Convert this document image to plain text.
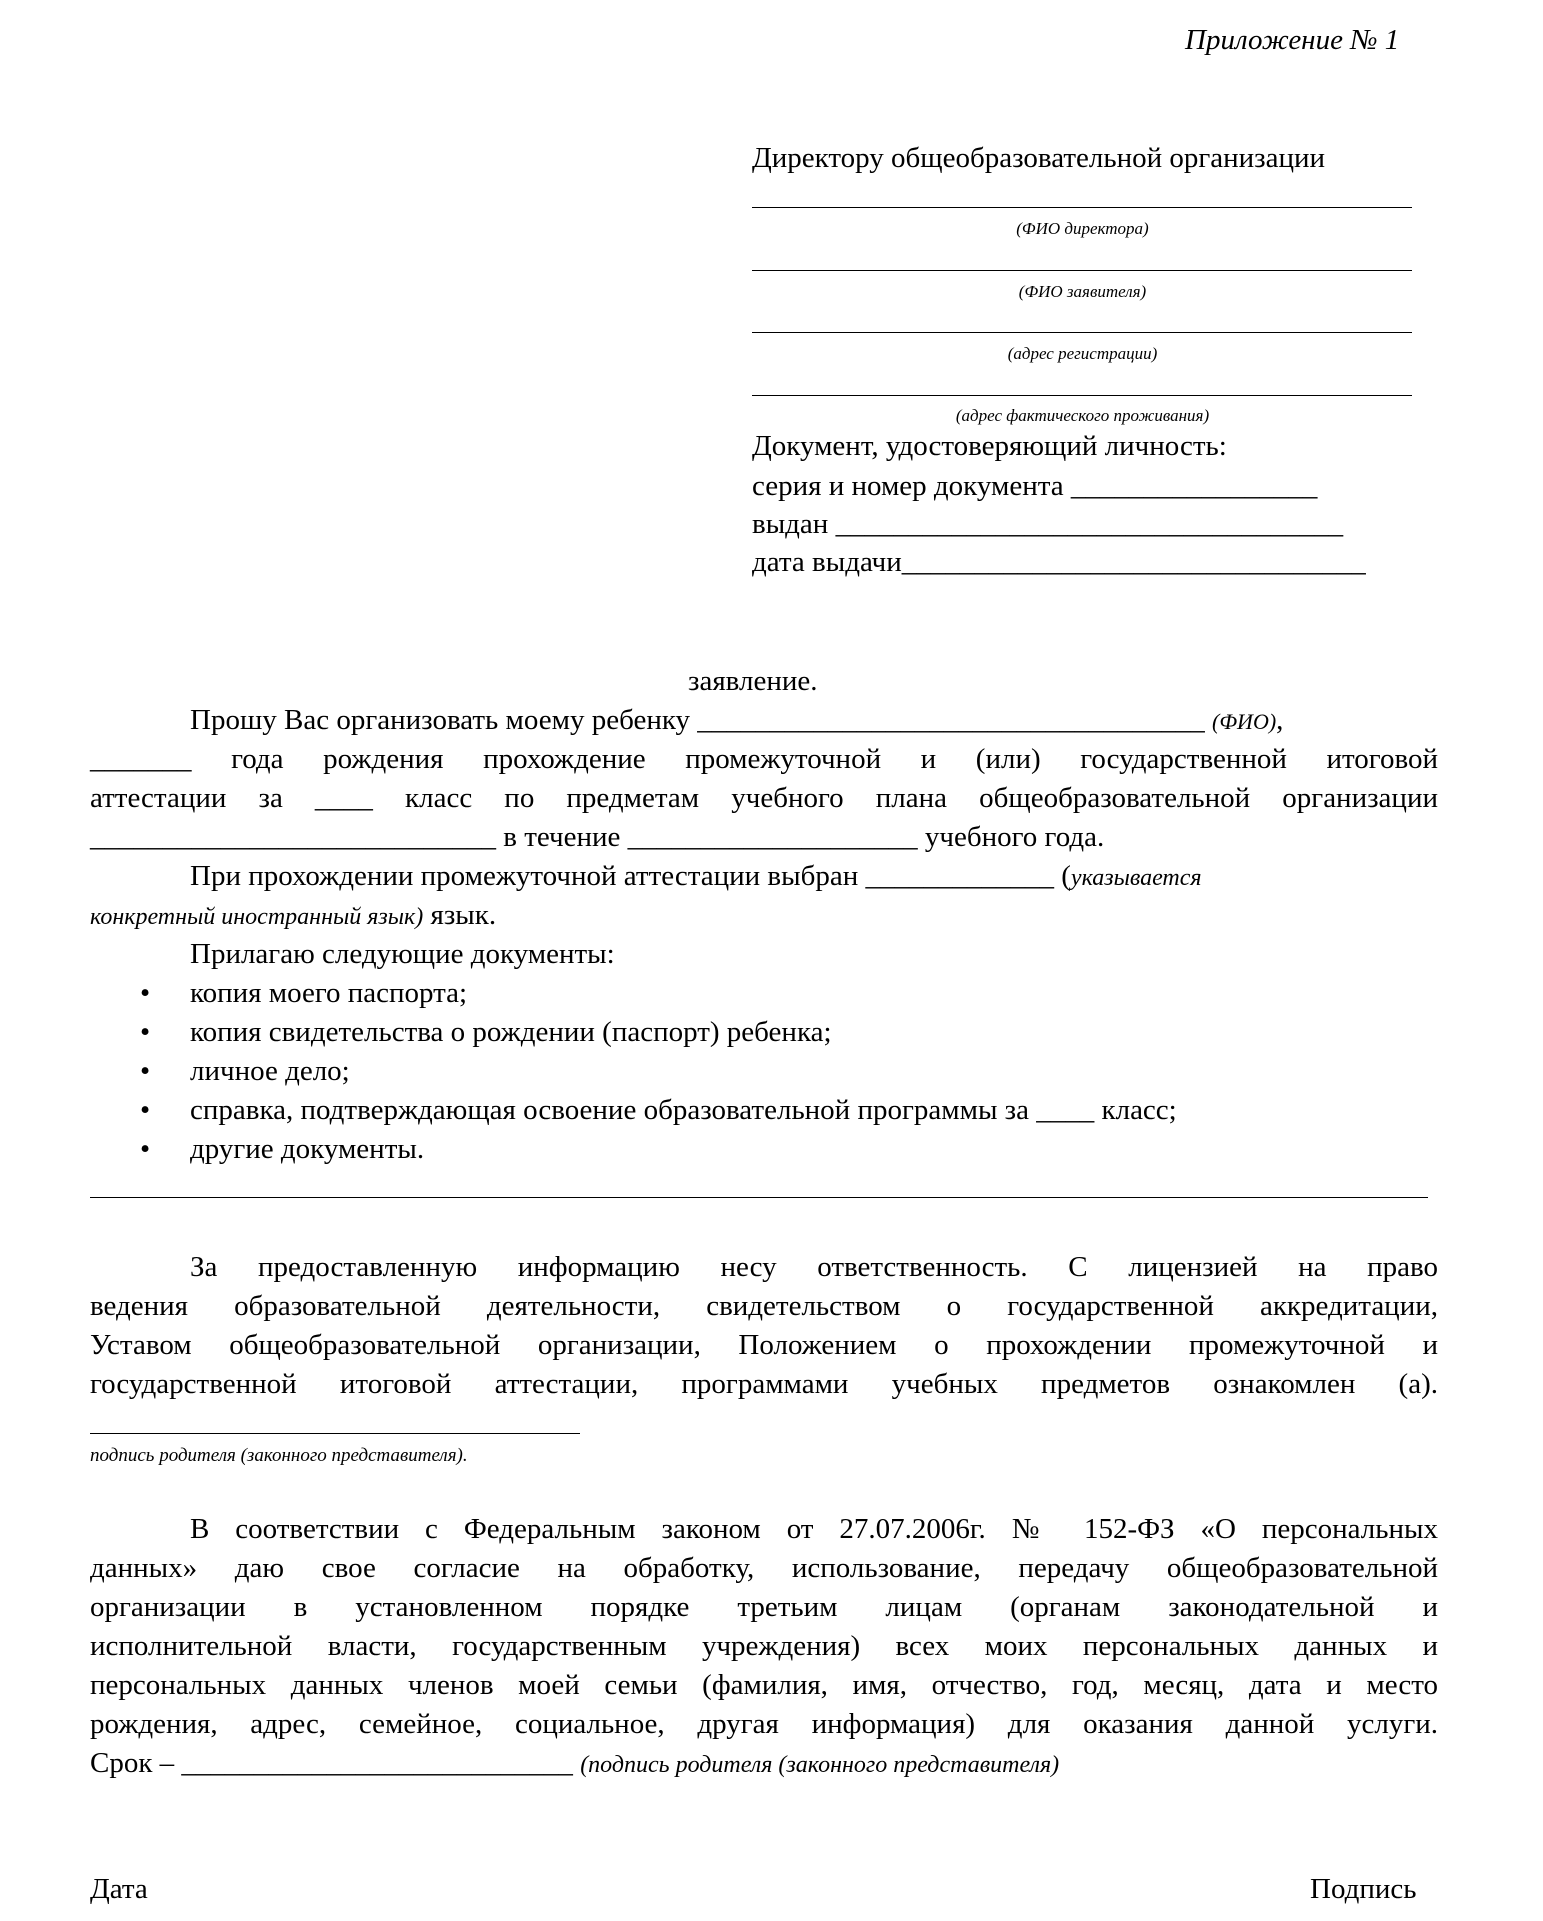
Приложение № 1
Директору общеобразовательной организации
(ФИО директора)
(ФИО заявителя)
(адрес регистрации)
(адрес фактического проживания)
Документ, удостоверяющий личность:
серия и номер документа _________________
выдан ___________________________________
дата выдачи________________________________
заявление.
Прошу Вас организовать моему ребенку ___________________________________ (ФИО),
_______ года рождения прохождение промежуточной и (или) государственной итоговой
аттестации за ____ класс по предметам учебного плана общеобразовательной организации
____________________________ в течение ____________________ учебного года.
При прохождении промежуточной аттестации выбран _____________ (указывается
конкретный иностранный язык) язык.
Прилагаю следующие документы:
•	копия моего паспорта;
•	копия свидетельства о рождении (паспорт) ребенка;
•	личное дело;
•	справка, подтверждающая освоение образовательной программы за ____ класс;
•	другие документы.
За предоставленную информацию несу ответственность. С лицензией на право
ведения образовательной деятельности, свидетельством о государственной аккредитации,
Уставом общеобразовательной организации, Положением о прохождении промежуточной и
государственной итоговой аттестации, программами учебных предметов ознакомлен (а).
подпись родителя (законного представителя).
В соответствии с Федеральным законом от 27.07.2006г. № 152-ФЗ «О персональных
данных» даю свое согласие на обработку, использование, передачу общеобразовательной
организации в установленном порядке третьим лицам (органам законодательной и
исполнительной власти, государственным учреждения) всех моих персональных данных и
персональных данных членов моей семьи (фамилия, имя, отчество, год, месяц, дата и место
рождения, адрес, семейное, социальное, другая информация) для оказания данной услуги.
Срок – ___________________________ (подпись родителя (законного представителя)
Дата	Подпись
